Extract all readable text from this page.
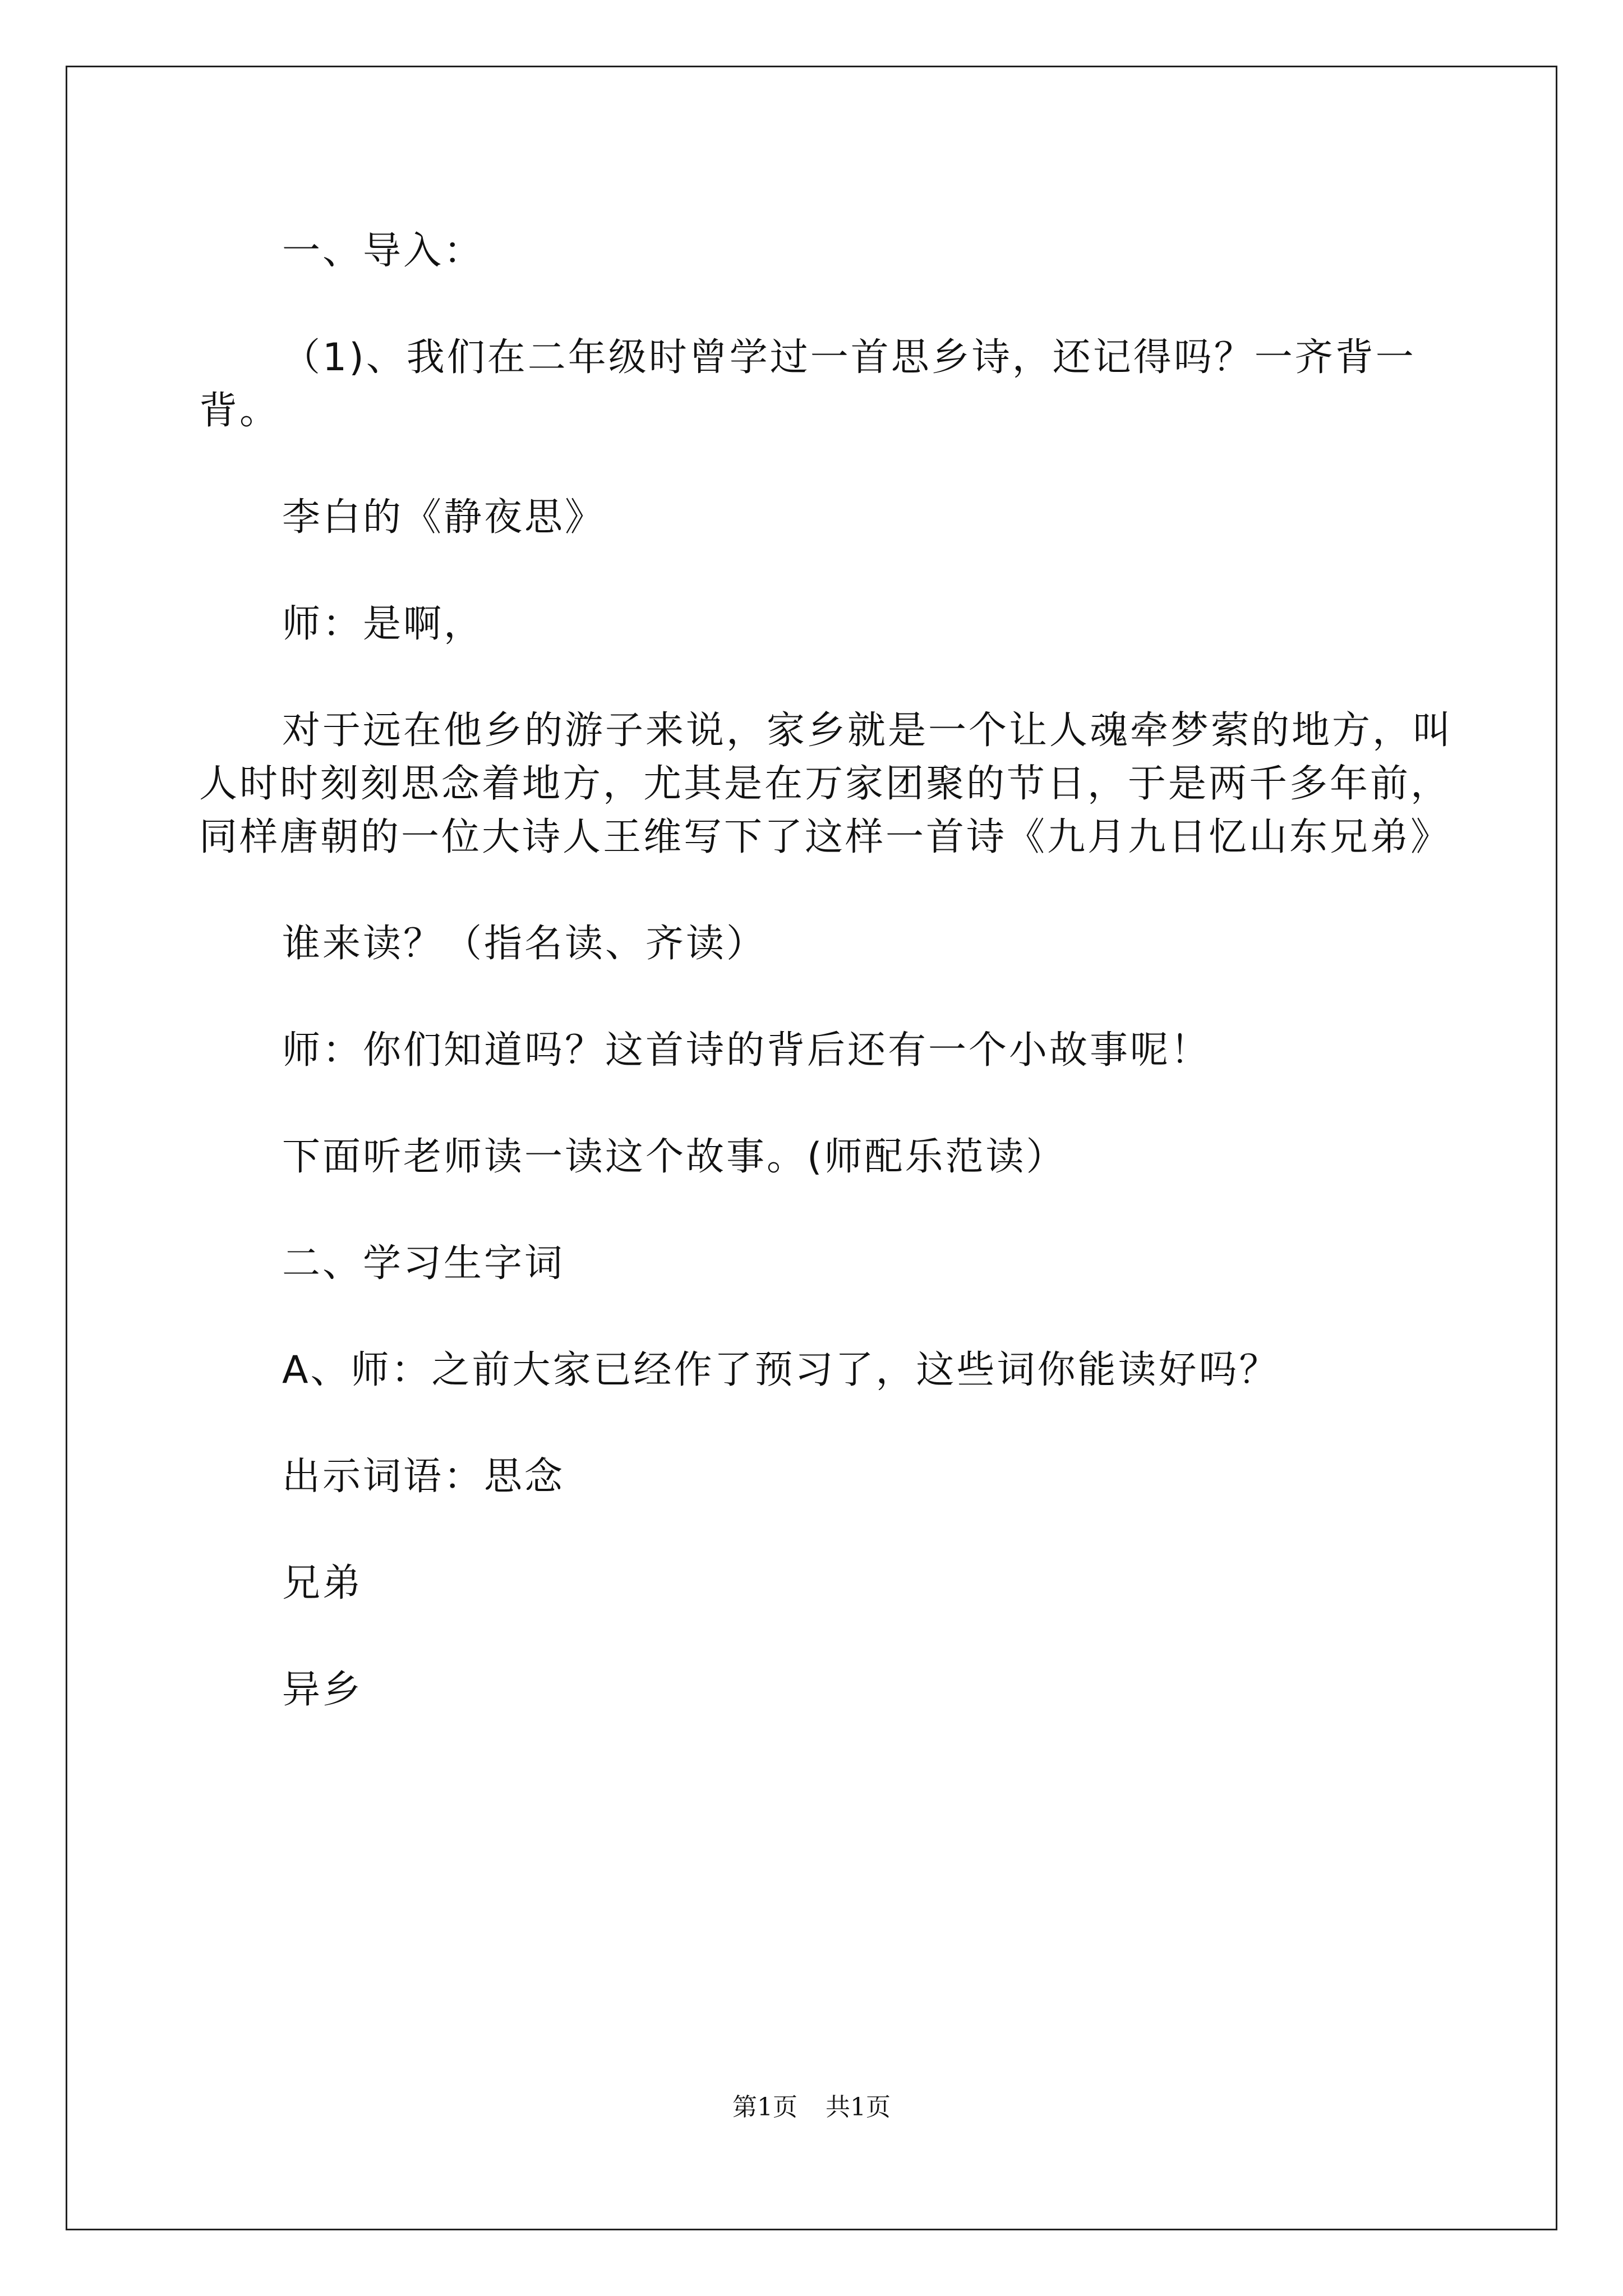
一、导入：

（1)、我们在二年级时曾学过一首思乡诗，还记得吗？一齐背一背。

李白的《静夜思》

师：是啊，

对于远在他乡的游子来说，家乡就是一个让人魂牵梦萦的地方，叫人时时刻刻思念着地方，尤其是在万家团聚的节日，于是两千多年前，同样唐朝的一位大诗人王维写下了这样一首诗《九月九日忆山东兄弟》

谁来读？（指名读、齐读）

师：你们知道吗？这首诗的背后还有一个小故事呢！

下面听老师读一读这个故事。(师配乐范读）

二、学习生字词

A、师：之前大家已经作了预习了，这些词你能读好吗？

出示词语：思念

兄弟

异乡

第1页 共1页
